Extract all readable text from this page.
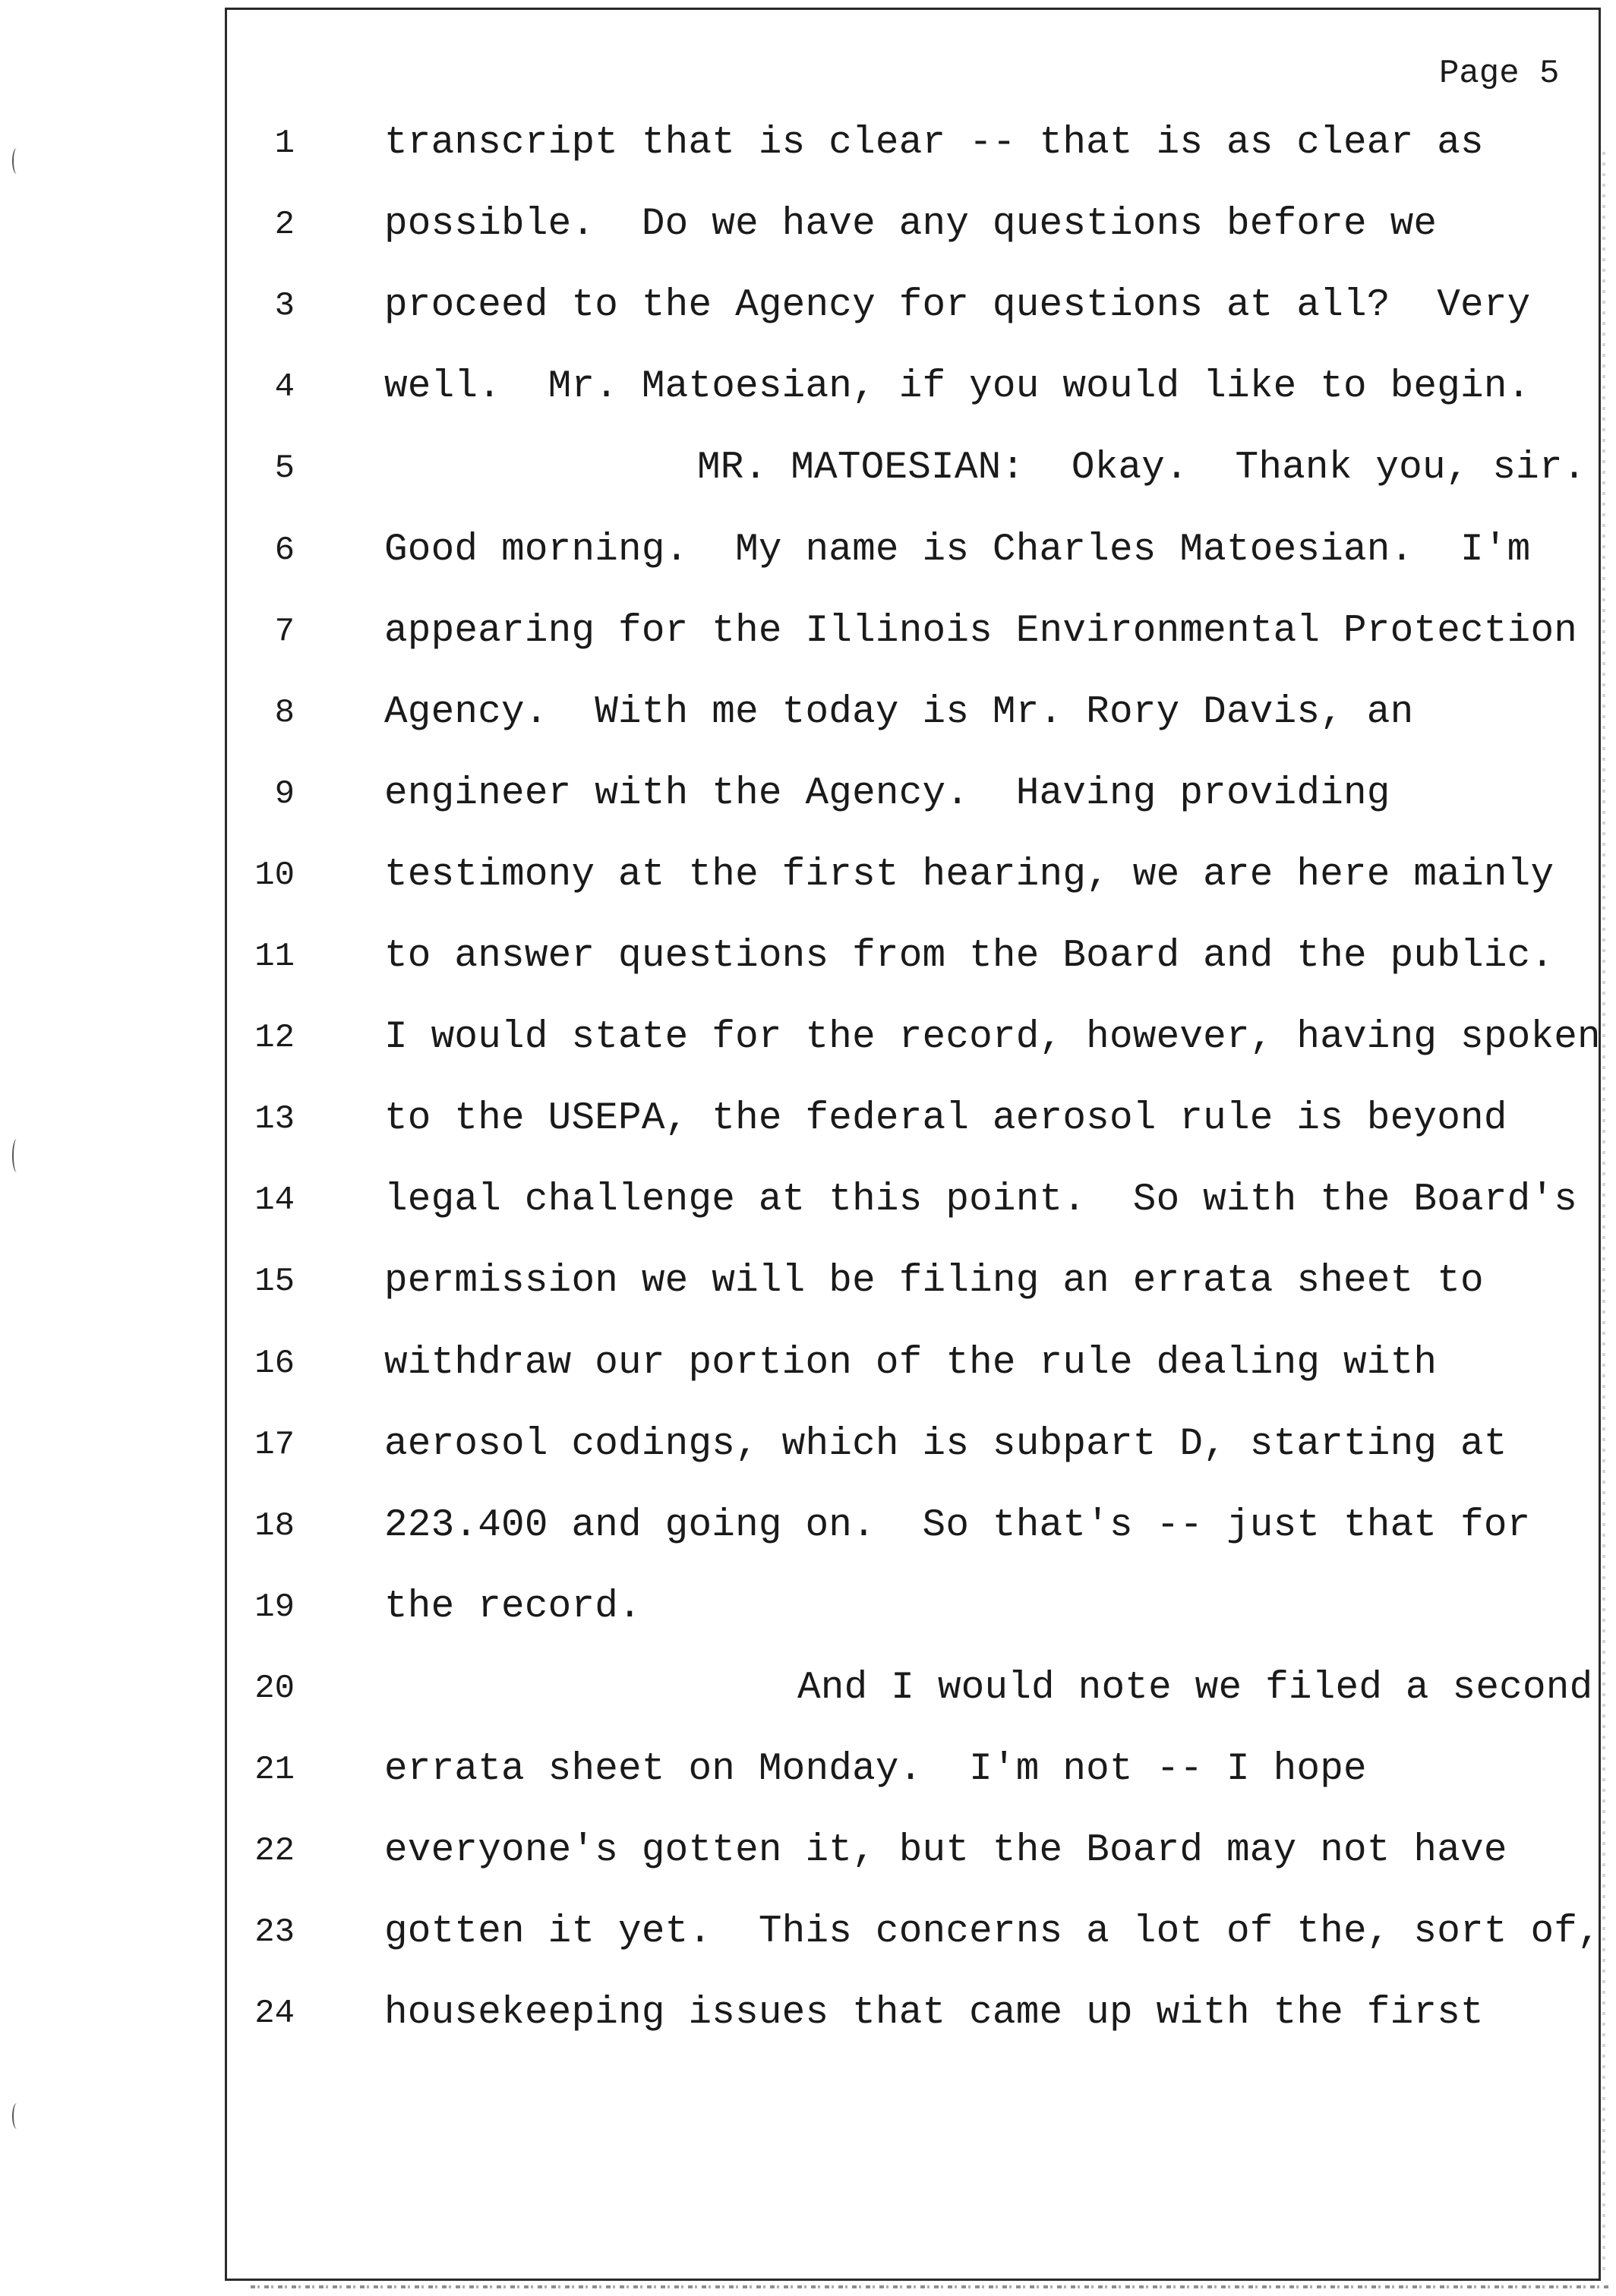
Page 5
1 transcript that is clear -- that is as clear as
2 possible.  Do we have any questions before we
3 proceed to the Agency for questions at all?  Very
4 well.  Mr. Matoesian, if you would like to begin.
5	MR. MATOESIAN:  Okay.  Thank you, sir.
6 Good morning.  My name is Charles Matoesian.  I'm
7 appearing for the Illinois Environmental Protection
8 Agency.  With me today is Mr. Rory Davis, an
9 engineer with the Agency.  Having providing
10 testimony at the first hearing, we are here mainly
11 to answer questions from the Board and the public.
12 I would state for the record, however, having spoken
13 to the USEPA, the federal aerosol rule is beyond
14 legal challenge at this point.  So with the Board's
15 permission we will be filing an errata sheet to
16 withdraw our portion of the rule dealing with
17 aerosol codings, which is subpart D, starting at
18 223.400 and going on.  So that's -- just that for
19 the record.
20	And I would note we filed a second
21 errata sheet on Monday.  I'm not -- I hope
22 everyone's gotten it, but the Board may not have
23 gotten it yet.  This concerns a lot of the, sort of,
24 housekeeping issues that came up with the first
